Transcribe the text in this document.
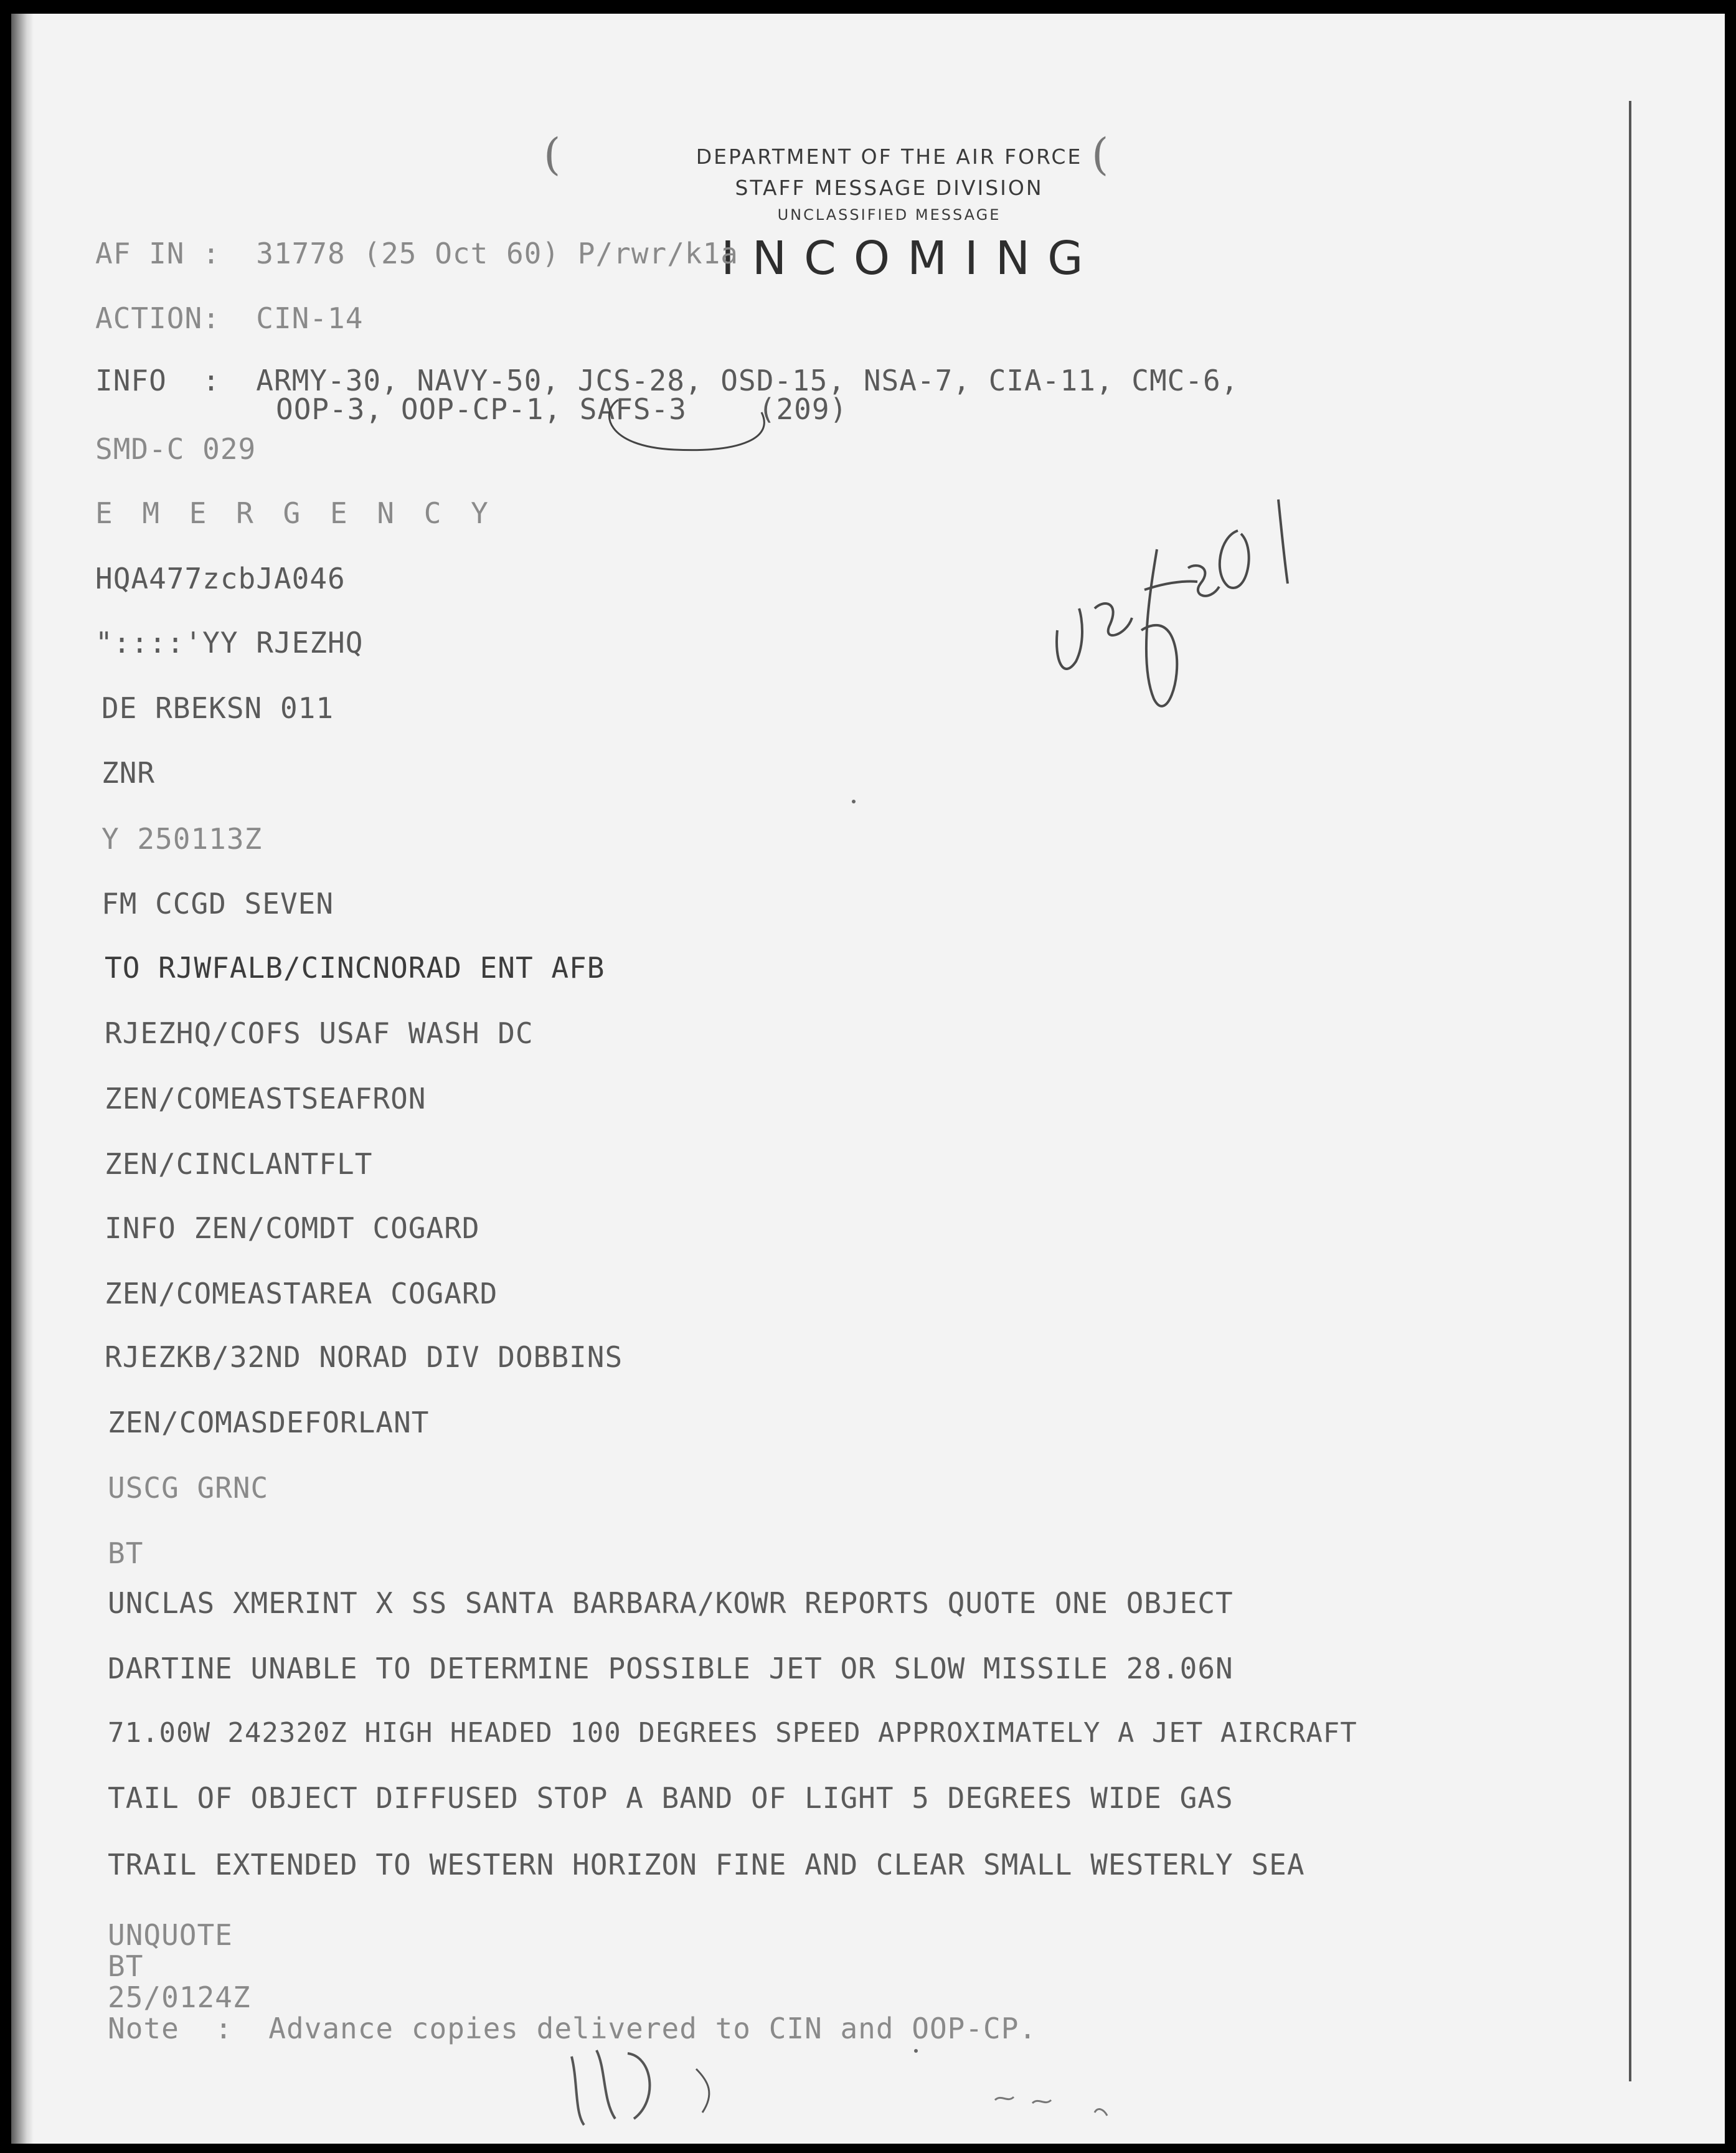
(	(
DEPARTMENT OF THE AIR FORCE
STAFF MESSAGE DIVISION
UNCLASSIFIED MESSAGE
INCOMING
AF IN :  31778 (25 Oct 60) P/rwr/k1a
ACTION:  CIN-14
INFO  :  ARMY-30, NAVY-50, JCS-28, OSD-15, NSA-7, CIA-11, CMC-6,
OOP-3, OOP-CP-1, SAFS-3    (209)
SMD-C 029
E M E R G E N C Y
HQA477zcbJA046
"::::'YY RJEZHQ
DE RBEKSN 011
ZNR
Y 250113Z
FM CCGD SEVEN
TO RJWFALB/CINCNORAD ENT AFB
RJEZHQ/COFS USAF WASH DC
ZEN/COMEASTSEAFRON
ZEN/CINCLANTFLT
INFO ZEN/COMDT COGARD
ZEN/COMEASTAREA COGARD
RJEZKB/32ND NORAD DIV DOBBINS
ZEN/COMASDEFORLANT
USCG GRNC
BT
UNCLAS XMERINT X SS SANTA BARBARA/KOWR REPORTS QUOTE ONE OBJECT
DARTINE UNABLE TO DETERMINE POSSIBLE JET OR SLOW MISSILE 28.06N
71.00W 242320Z HIGH HEADED 100 DEGREES SPEED APPROXIMATELY A JET AIRCRAFT
TAIL OF OBJECT DIFFUSED STOP A BAND OF LIGHT 5 DEGREES WIDE GAS
TRAIL EXTENDED TO WESTERN HORIZON FINE AND CLEAR SMALL WESTERLY SEA
UNQUOTE
BT
25/0124Z
Note  :  Advance copies delivered to CIN and OOP-CP.
